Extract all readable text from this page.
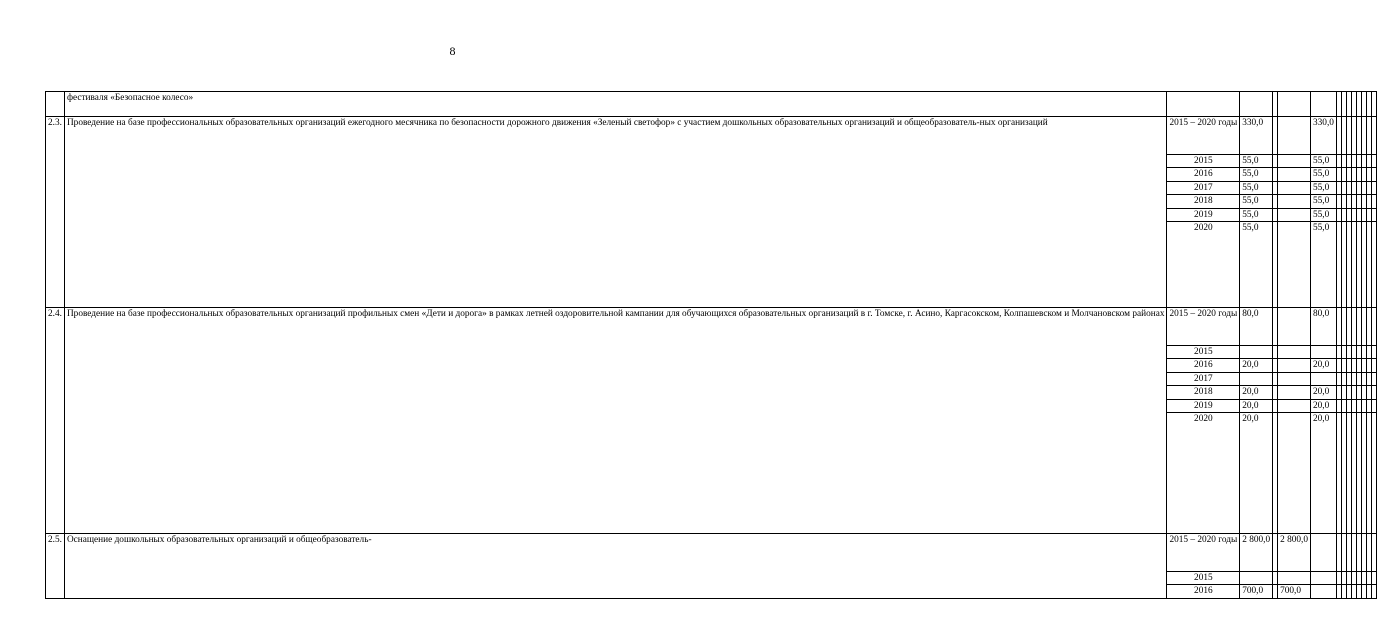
8
	фестиваля «Безопасное колесо»													
2.3.	Проведение на базе профессиональных образовательных организаций ежегодного месячника по безопасности дорожного движения «Зеленый светофор» с участием дошкольных образовательных организаций и общеобразователь-ных организаций	2015 – 2020 годы	330,0			330,0								
		2015	55,0			55,0								
		2016	55,0			55,0								
		2017	55,0			55,0								
		2018	55,0			55,0								
		2019	55,0			55,0								
		2020	55,0			55,0								
2.4.	Проведение на базе профессиональных образовательных организаций профильных смен «Дети и дорога» в рамках летней оздоровительной кампании для обучающихся образовательных организаций в г. Томске, г. Асино, Каргасокском, Колпашевском и Молчановском районах	2015 – 2020 годы	80,0			80,0								
		2015												
		2016	20,0			20,0								
		2017												
		2018	20,0			20,0								
		2019	20,0			20,0								
		2020	20,0			20,0								
2.5.	Оснащение дошкольных образовательных организаций и общеобразователь-	2015 – 2020 годы	2 800,0		2 800,0									
		2015												
		2016	700,0		700,0									
